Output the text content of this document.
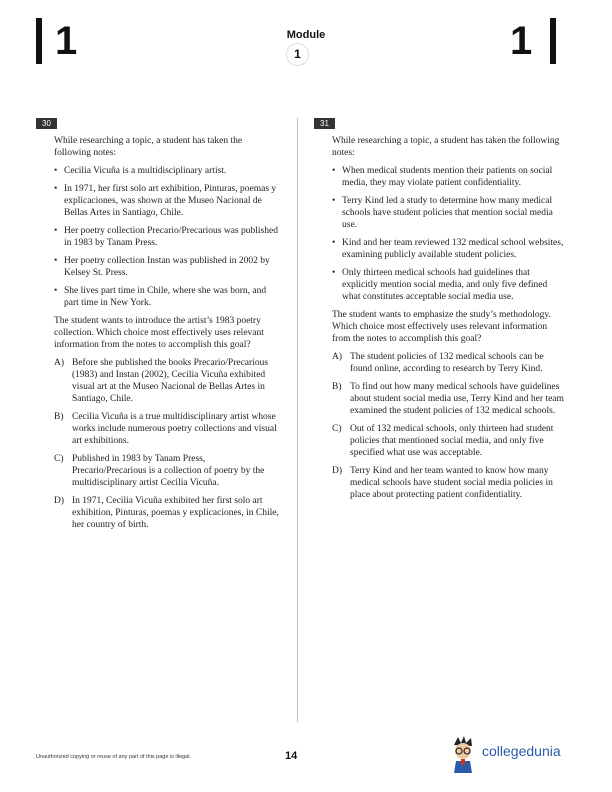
1	Module
1	1
30

While researching a topic, a student has taken the following notes:

• Cecilia Vicuña is a multidisciplinary artist.
• In 1971, her first solo art exhibition, Pinturas, poemas y explicaciones, was shown at the Museo Nacional de Bellas Artes in Santiago, Chile.
• Her poetry collection Precario/Precarious was published in 1983 by Tanam Press.
• Her poetry collection Instan was published in 2002 by Kelsey St. Press.
• She lives part time in Chile, where she was born, and part time in New York.

The student wants to introduce the artist’s 1983 poetry collection. Which choice most effectively uses relevant information from the notes to accomplish this goal?

A) Before she published the books Precario/Precarious (1983) and Instan (2002), Cecilia Vicuña exhibited visual art at the Museo Nacional de Bellas Artes in Santiago, Chile.
B) Cecilia Vicuña is a true multidisciplinary artist whose works include numerous poetry collections and visual art exhibitions.
C) Published in 1983 by Tanam Press, Precario/Precarious is a collection of poetry by the multidisciplinary artist Cecilia Vicuña.
D) In 1971, Cecilia Vicuña exhibited her first solo art exhibition, Pinturas, poemas y explicaciones, in Chile, her country of birth.
31

While researching a topic, a student has taken the following notes:

• When medical students mention their patients on social media, they may violate patient confidentiality.
• Terry Kind led a study to determine how many medical schools have student policies that mention social media use.
• Kind and her team reviewed 132 medical school websites, examining publicly available student policies.
• Only thirteen medical schools had guidelines that explicitly mention social media, and only five defined what constitutes acceptable social media use.

The student wants to emphasize the study’s methodology. Which choice most effectively uses relevant information from the notes to accomplish this goal?

A) The student policies of 132 medical schools can be found online, according to research by Terry Kind.
B) To find out how many medical schools have guidelines about student social media use, Terry Kind and her team examined the student policies of 132 medical schools.
C) Out of 132 medical schools, only thirteen had student policies that mentioned social media, and only five specified what use was acceptable.
D) Terry Kind and her team wanted to know how many medical schools have student social media policies in place about protecting patient confidentiality.
Unauthorized copying or reuse of any part of this page is illegal.	14	collegedunia
